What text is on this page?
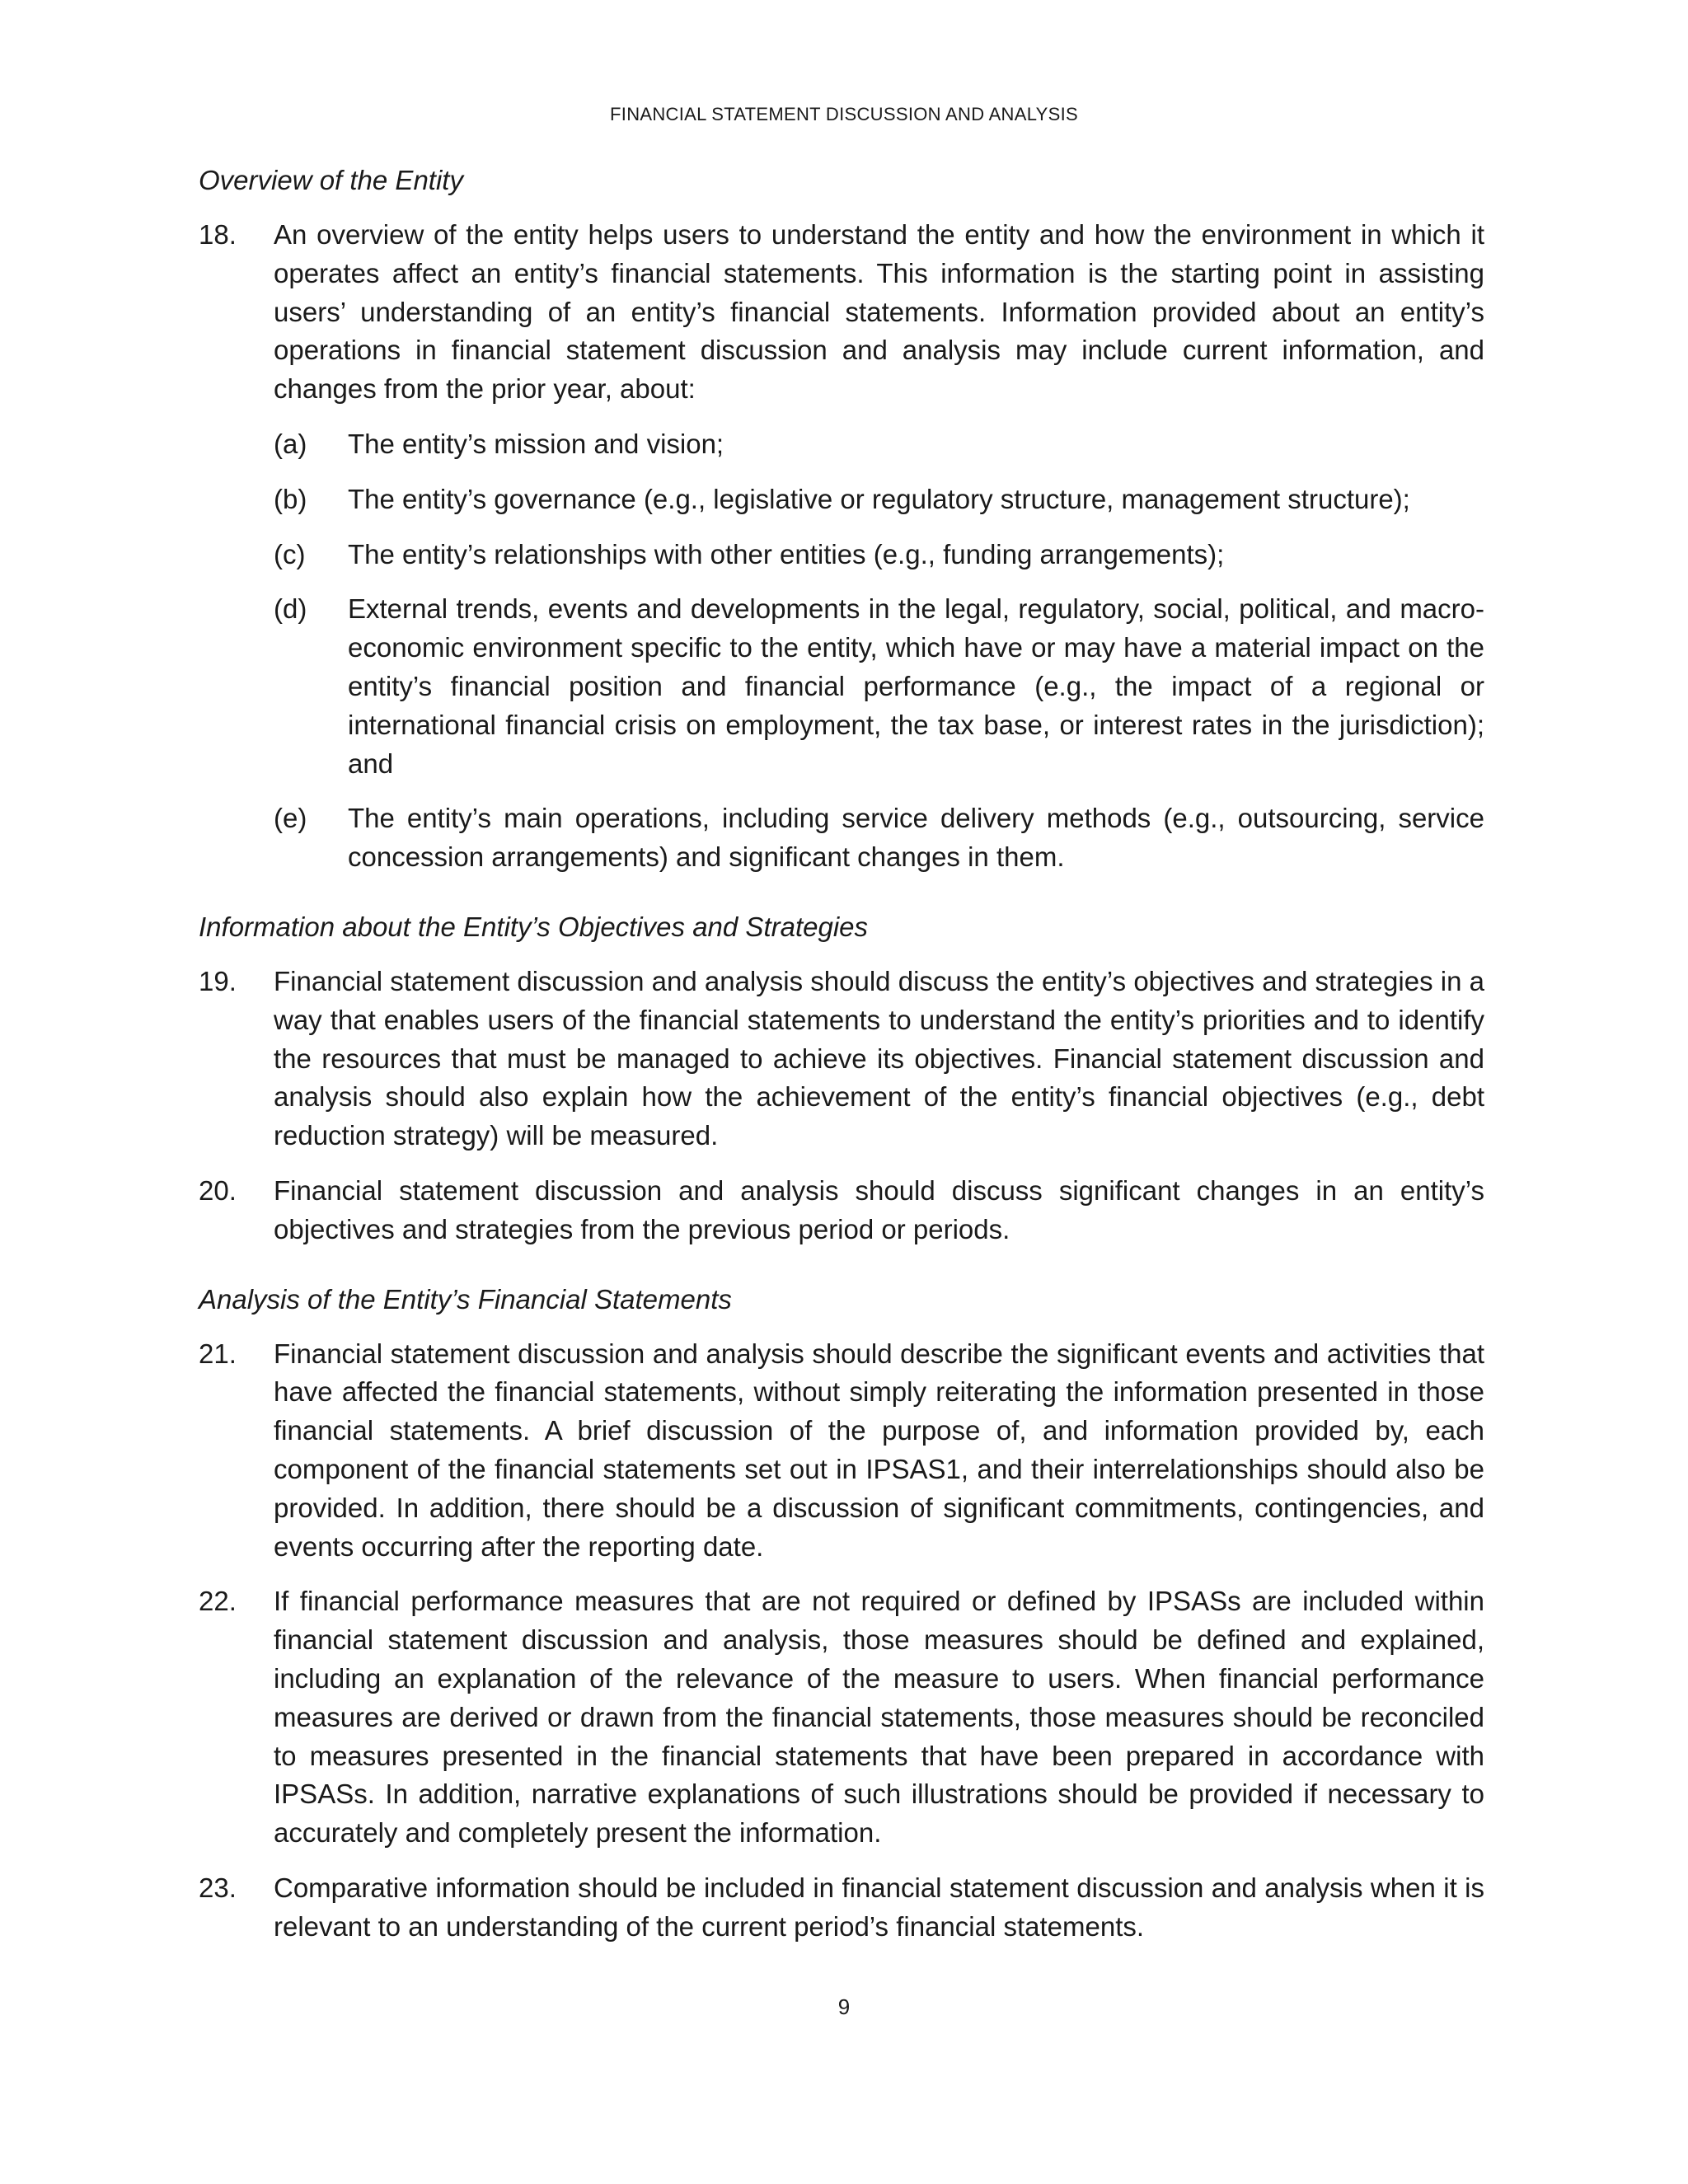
FINANCIAL STATEMENT DISCUSSION AND ANALYSIS
Overview of the Entity
18. An overview of the entity helps users to understand the entity and how the environment in which it operates affect an entity’s financial statements. This information is the starting point in assisting users’ understanding of an entity’s financial statements. Information provided about an entity’s operations in financial statement discussion and analysis may include current information, and changes from the prior year, about:
(a) The entity’s mission and vision;
(b) The entity’s governance (e.g., legislative or regulatory structure, management structure);
(c) The entity’s relationships with other entities (e.g., funding arrangements);
(d) External trends, events and developments in the legal, regulatory, social, political, and macro-economic environment specific to the entity, which have or may have a material impact on the entity’s financial position and financial performance (e.g., the impact of a regional or international financial crisis on employment, the tax base, or interest rates in the jurisdiction); and
(e) The entity’s main operations, including service delivery methods (e.g., outsourcing, service concession arrangements) and significant changes in them.
Information about the Entity’s Objectives and Strategies
19. Financial statement discussion and analysis should discuss the entity’s objectives and strategies in a way that enables users of the financial statements to understand the entity’s priorities and to identify the resources that must be managed to achieve its objectives. Financial statement discussion and analysis should also explain how the achievement of the entity’s financial objectives (e.g., debt reduction strategy) will be measured.
20. Financial statement discussion and analysis should discuss significant changes in an entity’s objectives and strategies from the previous period or periods.
Analysis of the Entity’s Financial Statements
21. Financial statement discussion and analysis should describe the significant events and activities that have affected the financial statements, without simply reiterating the information presented in those financial statements. A brief discussion of the purpose of, and information provided by, each component of the financial statements set out in IPSAS1, and their interrelationships should also be provided. In addition, there should be a discussion of significant commitments, contingencies, and events occurring after the reporting date.
22. If financial performance measures that are not required or defined by IPSASs are included within financial statement discussion and analysis, those measures should be defined and explained, including an explanation of the relevance of the measure to users. When financial performance measures are derived or drawn from the financial statements, those measures should be reconciled to measures presented in the financial statements that have been prepared in accordance with IPSASs. In addition, narrative explanations of such illustrations should be provided if necessary to accurately and completely present the information.
23. Comparative information should be included in financial statement discussion and analysis when it is relevant to an understanding of the current period’s financial statements.
9
